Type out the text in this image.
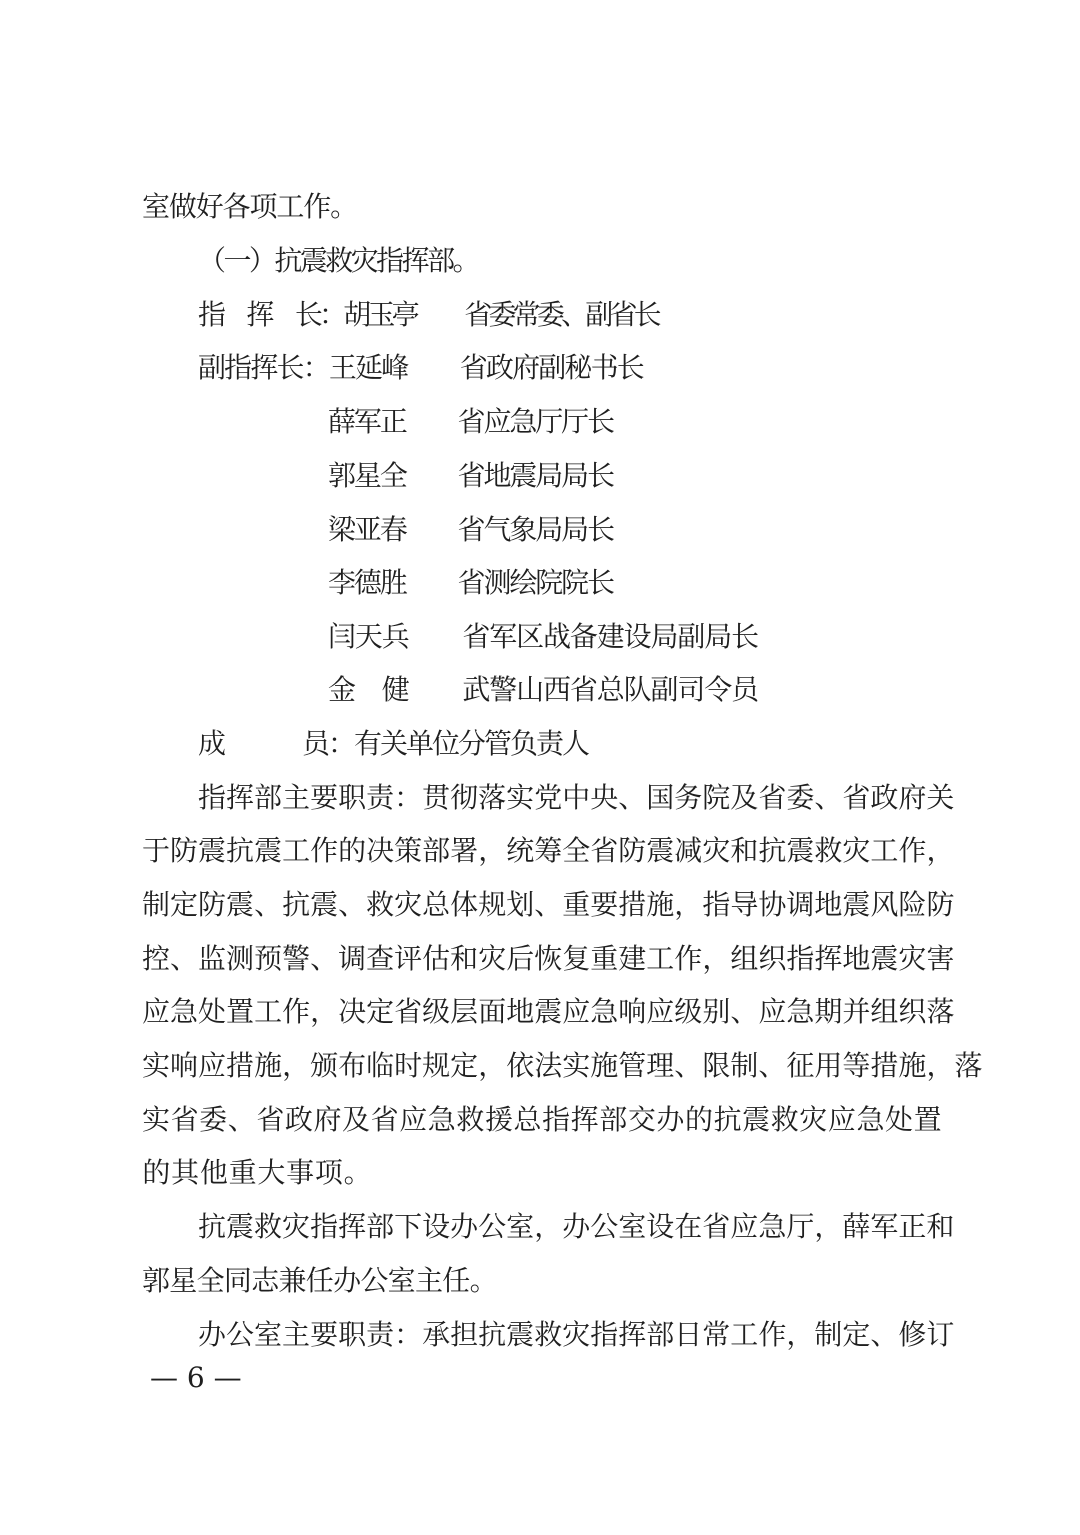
室
做
好
各
项
工
作
。
（
一
）
抗
震
救
灾
指
挥
部
。
指
　 挥
　 长
：
胡
玉
亭
　 省
委
常
委
、
副
省
长
副
指
挥
长
：
王
延
峰
　 省
政
府
副
秘
书
长
薛
军
正
　 省
应
急
厅
厅
长
郭
星
全
　 省
地
震
局
局
长
梁
亚
春
　 省
气
象
局
局
长
李
德
胜
　 省
测
绘
院
院
长
闫
天
兵
　 省
军
区
战
备
建
设
局
副
局
长
金
　 健
　 武
警
山
西
省
总
队
副
司
令
员
成

　	员
：
有
关
单
位
分
管
负
责
人
指 挥 部 主 要 职 责 ： 贯 彻 落 实 党 中 央 、 国 务 院 及 省 委 、 省 政 府 关
于 防 震 抗 震 工 作 的 决 策 部 署 ， 统 筹 全 省 防 震 减 灾 和 抗 震 救 灾 工 作 ，
制 定 防 震 、 抗 震 、 救 灾 总 体 规 划 、 重 要 措 施 ， 指 导 协 调 地 震 风 险 防
控 、 监 测 预 警 、 调 查 评 估 和 灾 后 恢 复 重 建 工 作 ， 组 织 指 挥 地 震 灾 害
应 急 处 置 工 作 ， 决 定 省 级 层 面 地 震 应 急 响 应 级 别 、 应 急 期 并 组 织 落
实 响 应 措 施 ， 颁 布 临 时 规 定 ， 依 法 实 施 管 理 、 限 制 、 征 用 等 措 施 ， 落
实 省 委 、 省 政 府 及 省 应 急 救 援 总 指 挥 部 交 办 的 抗 震 救 灾 应 急 处 置
的 其 他 重 大 事 项 。
抗 震 救 灾 指 挥 部 下 设 办 公 室 ， 办 公 室 设 在 省 应 急 厅 ， 薛 军 正 和
郭 星 全 同 志 兼 任 办 公 室 主 任 。
办 公 室 主 要 职 责 ： 承 担 抗 震 救 灾 指 挥 部 日 常 工 作 ， 制 定 、 修 订
— 6 —
